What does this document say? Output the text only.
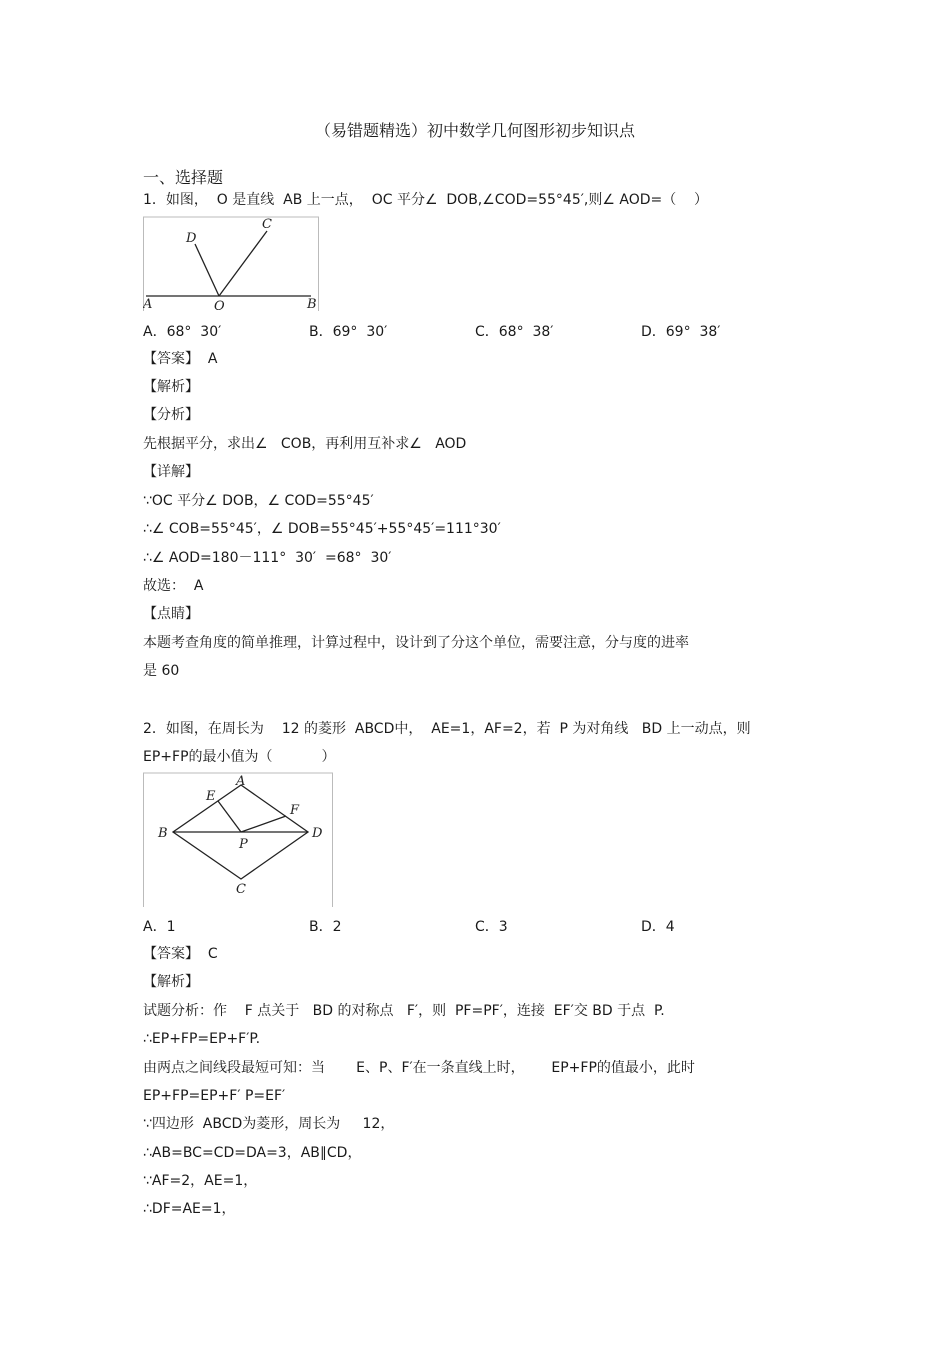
（易错题精选）初中数学几何图形初步知识点
一、选择题
1．如图，  O 是直线  AB 上一点，  OC 平分∠  DOB,∠COD=55°45′,则∠ AOD=（    ）
A	B
O
C
D
A．68°  30′	B．69°  30′	C．68°  38′	D．69°  38′
【答案】  A
【解析】
【分析】
先根据平分，求出∠   COB，再利用互补求∠   AOD
【详解】
∵OC 平分∠ DOB，∠ COD=55°45′
∴∠ COB=55°45′，∠ DOB=55°45′+55°45′=111°30′
∴∠ AOD=180－111°  30′  =68°  30′
故选：  A
【点睛】
本题考查角度的简单推理，计算过程中，设计到了分这个单位，需要注意，分与度的进率
是 60
2．如图，在周长为    12 的菱形  ABCD中，  AE=1，AF=2，若  P 为对角线   BD 上一动点，则
EP+FP的最小值为（           ）
A
B
C
D
E
F
P
A．1	B．2	C．3	D．4
【答案】  C
【解析】
试题分析：作    F 点关于   BD 的对称点   F′，则  PF=PF′，连接  EF′交 BD 于点  P.
∴EP+FP=EP+F′P.
由两点之间线段最短可知：当       E、P、F′在一条直线上时，      EP+FP的值最小，此时
EP+FP=EP+F′ P=EF′
∵四边形  ABCD为菱形，周长为     12，
∴AB=BC=CD=DA=3，AB∥CD，
∵AF=2，AE=1，
∴DF=AE=1，
